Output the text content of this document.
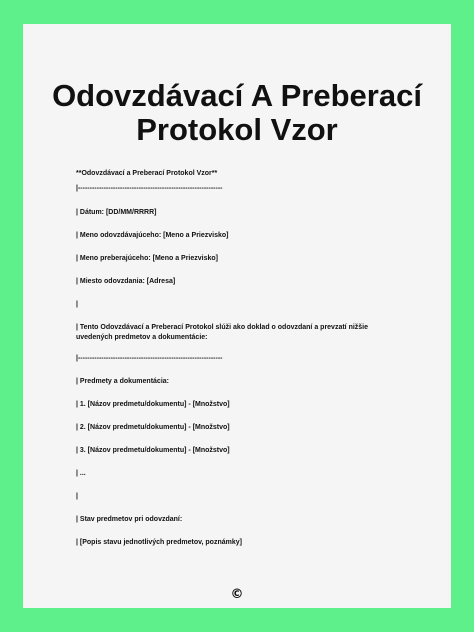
Odovzdávací A Preberací Protokol Vzor

**Odovzdávací a Preberací Protokol Vzor**

|--------------------------------------------------------------

| Dátum: [DD/MM/RRRR]

| Meno odovzdávajúceho: [Meno a Priezvisko]

| Meno preberajúceho: [Meno a Priezvisko]

| Miesto odovzdania: [Adresa]

|

| Tento Odovzdávací a Preberací Protokol slúži ako doklad o odovzdaní a prevzatí nižšie uvedených predmetov a dokumentácie:

|--------------------------------------------------------------

| Predmety a dokumentácia:

| 1. [Názov predmetu/dokumentu] - [Množstvo]

| 2. [Názov predmetu/dokumentu] - [Množstvo]

| 3. [Názov predmetu/dokumentu] - [Množstvo]

| ...

|

| Stav predmetov pri odovzdaní:

| [Popis stavu jednotlivých predmetov, poznámky]

©
